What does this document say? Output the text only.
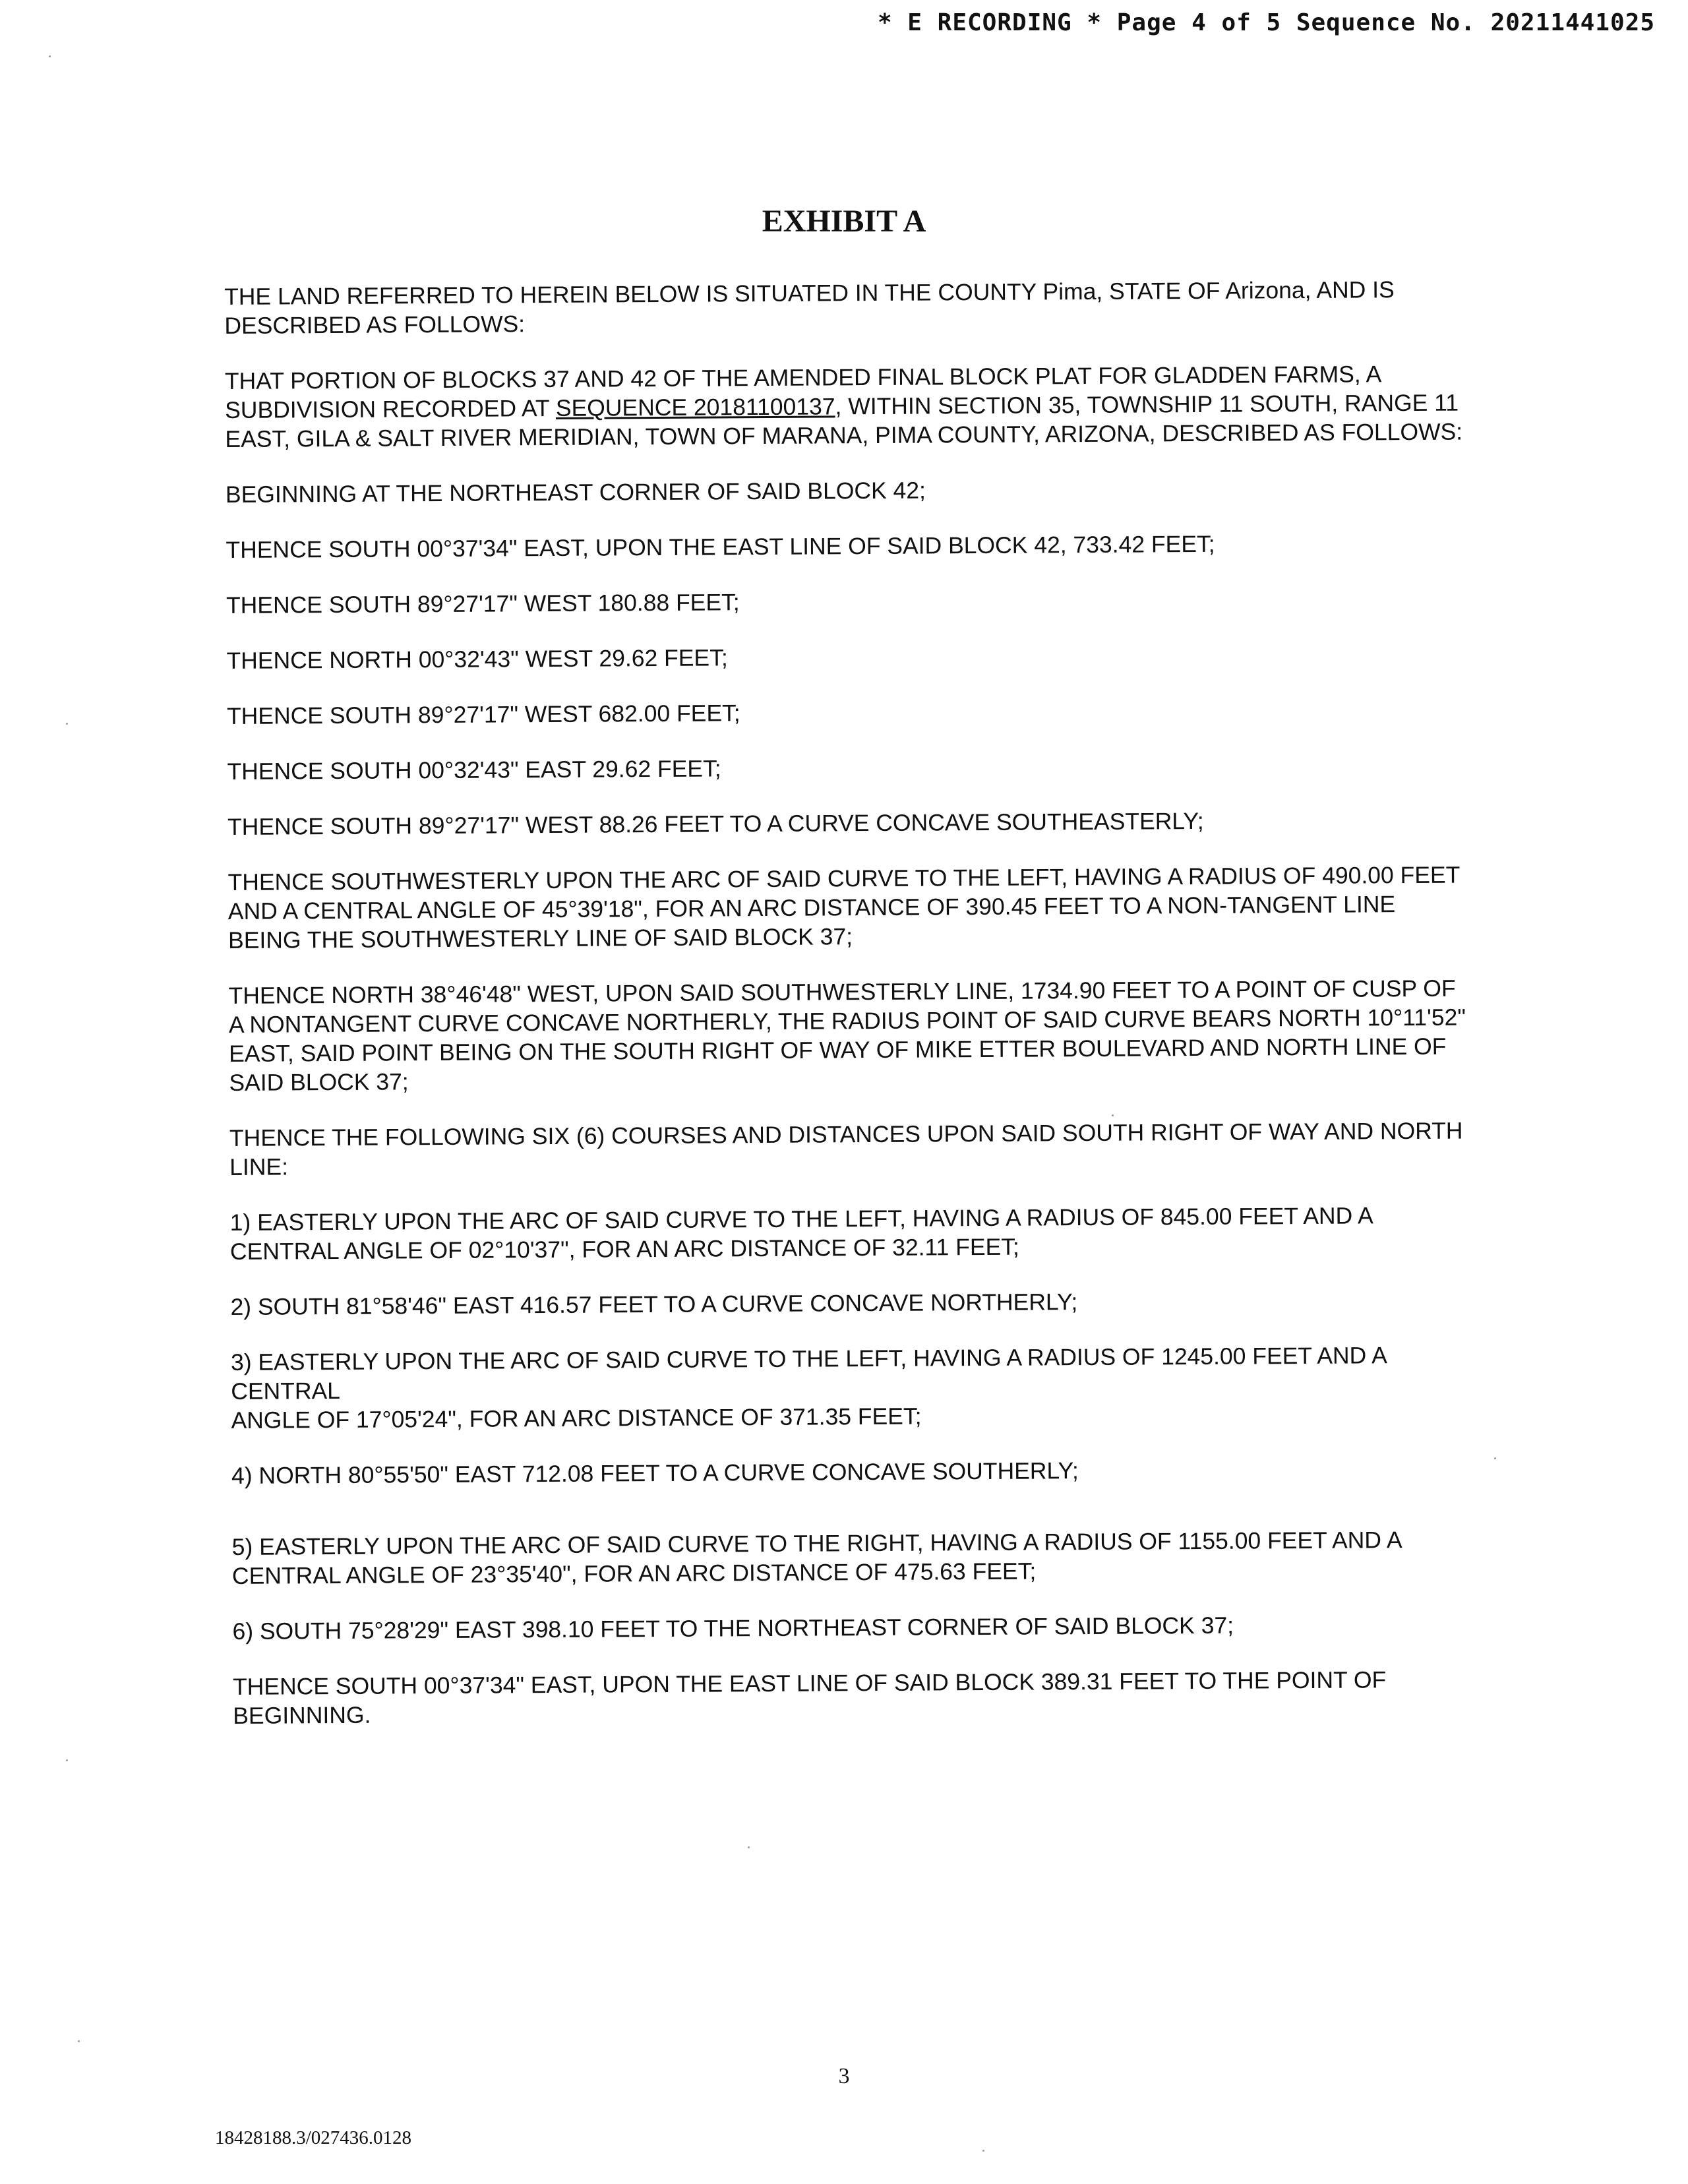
* E RECORDING * Page 4 of 5 Sequence No. 20211441025
EXHIBIT A

THE LAND REFERRED TO HEREIN BELOW IS SITUATED IN THE COUNTY Pima, STATE OF Arizona, AND IS DESCRIBED AS FOLLOWS:

THAT PORTION OF BLOCKS 37 AND 42 OF THE AMENDED FINAL BLOCK PLAT FOR GLADDEN FARMS, A SUBDIVISION RECORDED AT SEQUENCE 20181100137, WITHIN SECTION 35, TOWNSHIP 11 SOUTH, RANGE 11 EAST, GILA & SALT RIVER MERIDIAN, TOWN OF MARANA, PIMA COUNTY, ARIZONA, DESCRIBED AS FOLLOWS:

BEGINNING AT THE NORTHEAST CORNER OF SAID BLOCK 42;

THENCE SOUTH 00°37'34" EAST, UPON THE EAST LINE OF SAID BLOCK 42, 733.42 FEET;

THENCE SOUTH 89°27'17" WEST 180.88 FEET;

THENCE NORTH 00°32'43" WEST 29.62 FEET;

THENCE SOUTH 89°27'17" WEST 682.00 FEET;

THENCE SOUTH 00°32'43" EAST 29.62 FEET;

THENCE SOUTH 89°27'17" WEST 88.26 FEET TO A CURVE CONCAVE SOUTHEASTERLY;

THENCE SOUTHWESTERLY UPON THE ARC OF SAID CURVE TO THE LEFT, HAVING A RADIUS OF 490.00 FEET AND A CENTRAL ANGLE OF 45°39'18", FOR AN ARC DISTANCE OF 390.45 FEET TO A NON-TANGENT LINE BEING THE SOUTHWESTERLY LINE OF SAID BLOCK 37;

THENCE NORTH 38°46'48" WEST, UPON SAID SOUTHWESTERLY LINE, 1734.90 FEET TO A POINT OF CUSP OF A NONTANGENT CURVE CONCAVE NORTHERLY, THE RADIUS POINT OF SAID CURVE BEARS NORTH 10°11'52" EAST, SAID POINT BEING ON THE SOUTH RIGHT OF WAY OF MIKE ETTER BOULEVARD AND NORTH LINE OF SAID BLOCK 37;

THENCE THE FOLLOWING SIX (6) COURSES AND DISTANCES UPON SAID SOUTH RIGHT OF WAY AND NORTH LINE:

1) EASTERLY UPON THE ARC OF SAID CURVE TO THE LEFT, HAVING A RADIUS OF 845.00 FEET AND A CENTRAL ANGLE OF 02°10'37", FOR AN ARC DISTANCE OF 32.11 FEET;

2) SOUTH 81°58'46" EAST 416.57 FEET TO A CURVE CONCAVE NORTHERLY;

3) EASTERLY UPON THE ARC OF SAID CURVE TO THE LEFT, HAVING A RADIUS OF 1245.00 FEET AND A
CENTRAL
ANGLE OF 17°05'24", FOR AN ARC DISTANCE OF 371.35 FEET;

4) NORTH 80°55'50" EAST 712.08 FEET TO A CURVE CONCAVE SOUTHERLY;

5) EASTERLY UPON THE ARC OF SAID CURVE TO THE RIGHT, HAVING A RADIUS OF 1155.00 FEET AND A CENTRAL ANGLE OF 23°35'40", FOR AN ARC DISTANCE OF 475.63 FEET;

6) SOUTH 75°28'29" EAST 398.10 FEET TO THE NORTHEAST CORNER OF SAID BLOCK 37;

THENCE SOUTH 00°37'34" EAST, UPON THE EAST LINE OF SAID BLOCK 389.31 FEET TO THE POINT OF BEGINNING.

3
18428188.3/027436.0128
